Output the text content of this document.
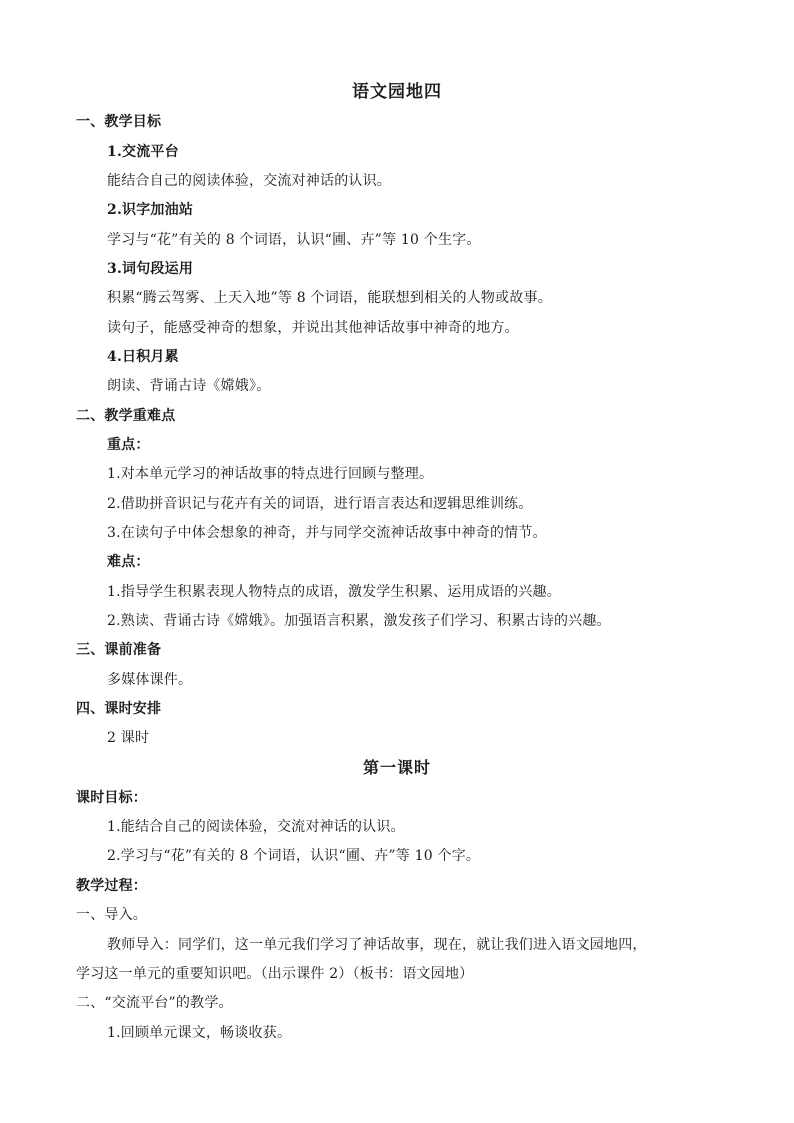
语文园地四
一、教学目标
1.交流平台
能结合自己的阅读体验，交流对神话的认识。
2.识字加油站
学习与“花”有关的 8 个词语，认识“圃、卉”等 10 个生字。
3.词句段运用
积累“腾云驾雾、上天入地”等 8 个词语，能联想到相关的人物或故事。
读句子，能感受神奇的想象，并说出其他神话故事中神奇的地方。
4.日积月累
朗读、背诵古诗《嫦娥》。
二、教学重难点
重点：
1.对本单元学习的神话故事的特点进行回顾与整理。
2.借助拼音识记与花卉有关的词语，进行语言表达和逻辑思维训练。
3.在读句子中体会想象的神奇，并与同学交流神话故事中神奇的情节。
难点：
1.指导学生积累表现人物特点的成语，激发学生积累、运用成语的兴趣。
2.熟读、背诵古诗《嫦娥》。加强语言积累，激发孩子们学习、积累古诗的兴趣。
三、课前准备
多媒体课件。
四、课时安排
2 课时
第一课时
课时目标：
1.能结合自己的阅读体验，交流对神话的认识。
2.学习与“花”有关的 8 个词语，认识“圃、卉”等 10 个字。
教学过程：
一、导入。
教师导入：同学们，这一单元我们学习了神话故事，现在，就让我们进入语文园地四，
学习这一单元的重要知识吧。（出示课件 2）（板书：语文园地）
二、“交流平台”的教学。
1.回顾单元课文，畅谈收获。
